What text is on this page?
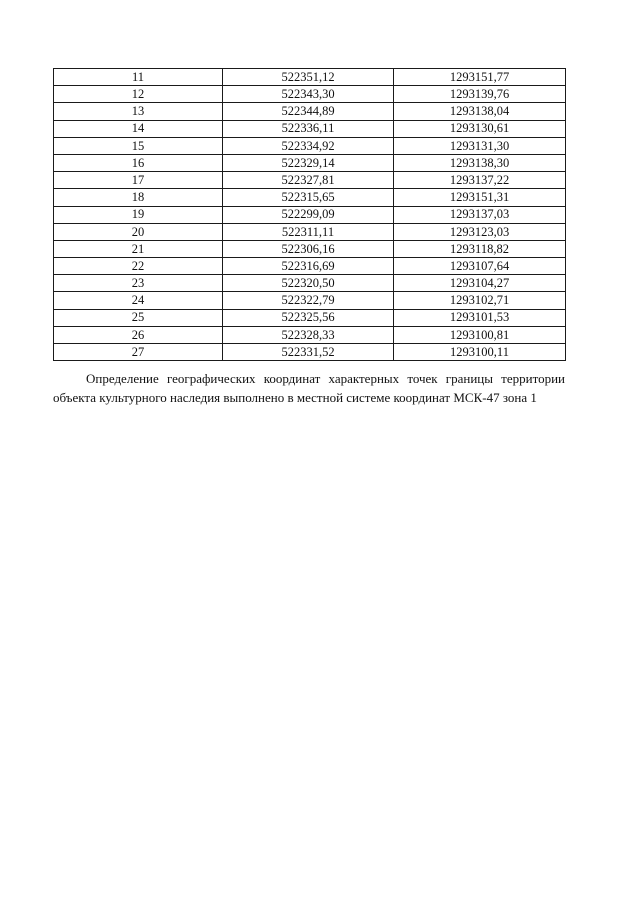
11	522351,12	1293151,77
12	522343,30	1293139,76
13	522344,89	1293138,04
14	522336,11	1293130,61
15	522334,92	1293131,30
16	522329,14	1293138,30
17	522327,81	1293137,22
18	522315,65	1293151,31
19	522299,09	1293137,03
20	522311,11	1293123,03
21	522306,16	1293118,82
22	522316,69	1293107,64
23	522320,50	1293104,27
24	522322,79	1293102,71
25	522325,56	1293101,53
26	522328,33	1293100,81
27	522331,52	1293100,11

Определение географических координат характерных точек границы территории объекта культурного наследия выполнено в местной системе координат МСК-47 зона 1
